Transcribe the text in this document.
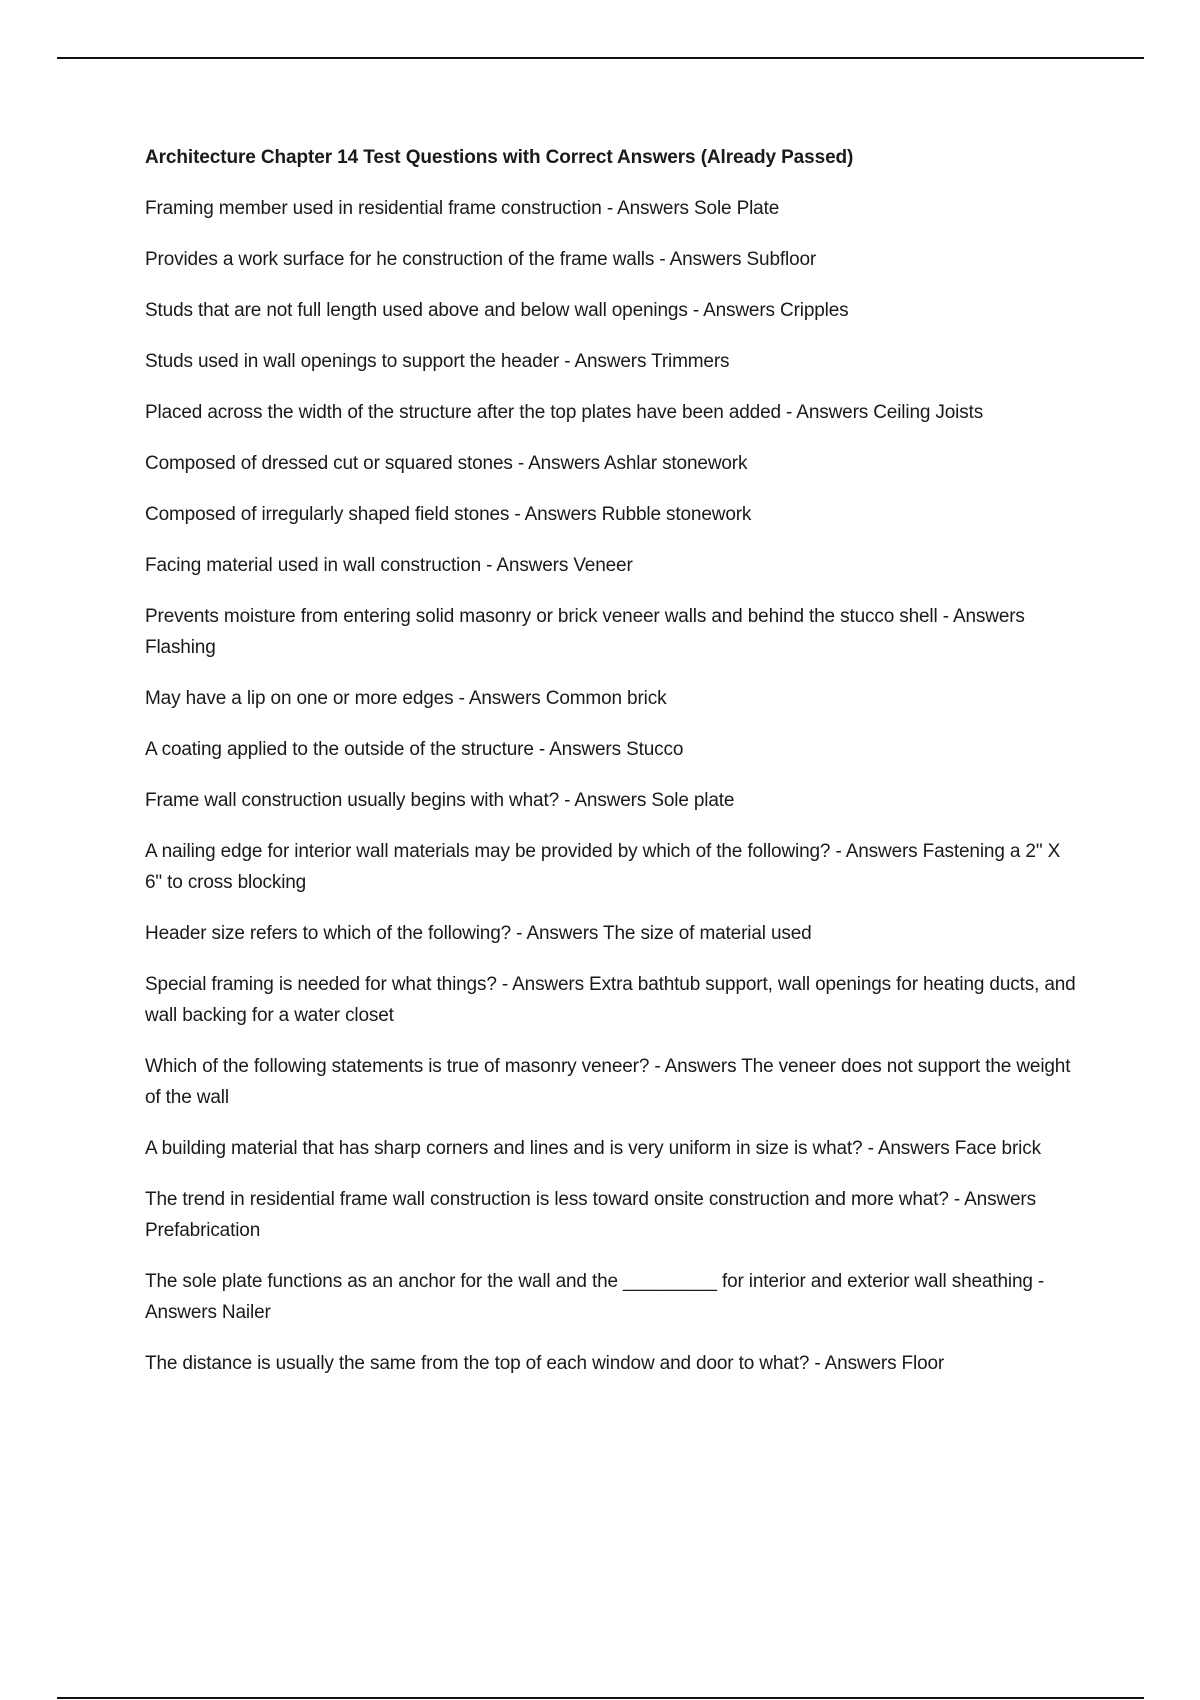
Architecture Chapter 14 Test Questions with Correct Answers (Already Passed)

Framing member used in residential frame construction - Answers Sole Plate

Provides a work surface for he construction of the frame walls - Answers Subfloor

Studs that are not full length used above and below wall openings - Answers Cripples

Studs used in wall openings to support the header - Answers Trimmers

Placed across the width of the structure after the top plates have been added - Answers Ceiling Joists

Composed of dressed cut or squared stones - Answers Ashlar stonework

Composed of irregularly shaped field stones - Answers Rubble stonework

Facing material used in wall construction - Answers Veneer

Prevents moisture from entering solid masonry or brick veneer walls and behind the stucco shell - Answers Flashing

May have a lip on one or more edges - Answers Common brick

A coating applied to the outside of the structure - Answers Stucco

Frame wall construction usually begins with what? - Answers Sole plate

A nailing edge for interior wall materials may be provided by which of the following? - Answers Fastening a 2" X 6" to cross blocking

Header size refers to which of the following? - Answers The size of material used

Special framing is needed for what things? - Answers Extra bathtub support, wall openings for heating ducts, and wall backing for a water closet

Which of the following statements is true of masonry veneer? - Answers The veneer does not support the weight of the wall

A building material that has sharp corners and lines and is very uniform in size is what? - Answers Face brick

The trend in residential frame wall construction is less toward onsite construction and more what? - Answers Prefabrication

The sole plate functions as an anchor for the wall and the _________ for interior and exterior wall sheathing - Answers Nailer

The distance is usually the same from the top of each window and door to what? - Answers Floor
